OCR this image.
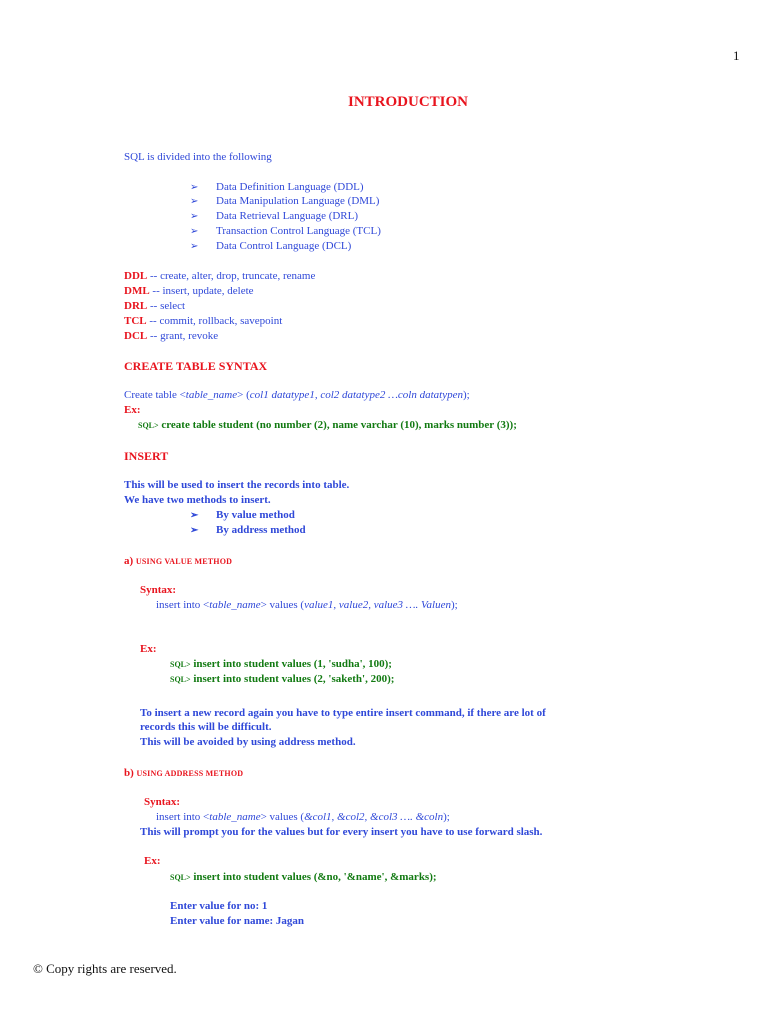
1
INTRODUCTION
SQL is divided into the following
➢ Data Definition Language (DDL)
➢ Data Manipulation Language (DML)
➢ Data Retrieval Language (DRL)
➢ Transaction Control Language (TCL)
➢ Data Control Language (DCL)
DDL -- create, alter, drop, truncate, rename
DML -- insert, update, delete
DRL -- select
TCL -- commit, rollback, savepoint
DCL -- grant, revoke
CREATE TABLE SYNTAX
Create table <table_name> (col1 datatype1, col2 datatype2 …coln datatypen);
Ex:
SQL> create table student (no number (2), name varchar (10), marks number (3));
INSERT
This will be used to insert the records into table.
We have two methods to insert.
➢ By value method
➢ By address method
a) USING VALUE METHOD
Syntax:
insert into <table_name> values (value1, value2, value3 …. Valuen);
Ex:
SQL> insert into student values (1, 'sudha', 100);
SQL> insert into student values (2, 'saketh', 200);
To insert a new record again you have to type entire insert command, if there are lot of
records this will be difficult.
This will be avoided by using address method.
b) USING ADDRESS METHOD
Syntax:
insert into <table_name> values (&col1, &col2, &col3 …. &coln);
This will prompt you for the values but for every insert you have to use forward slash.
Ex:
SQL> insert into student values (&no, '&name', &marks);
Enter value for no: 1
Enter value for name: Jagan
© Copy rights are reserved.
